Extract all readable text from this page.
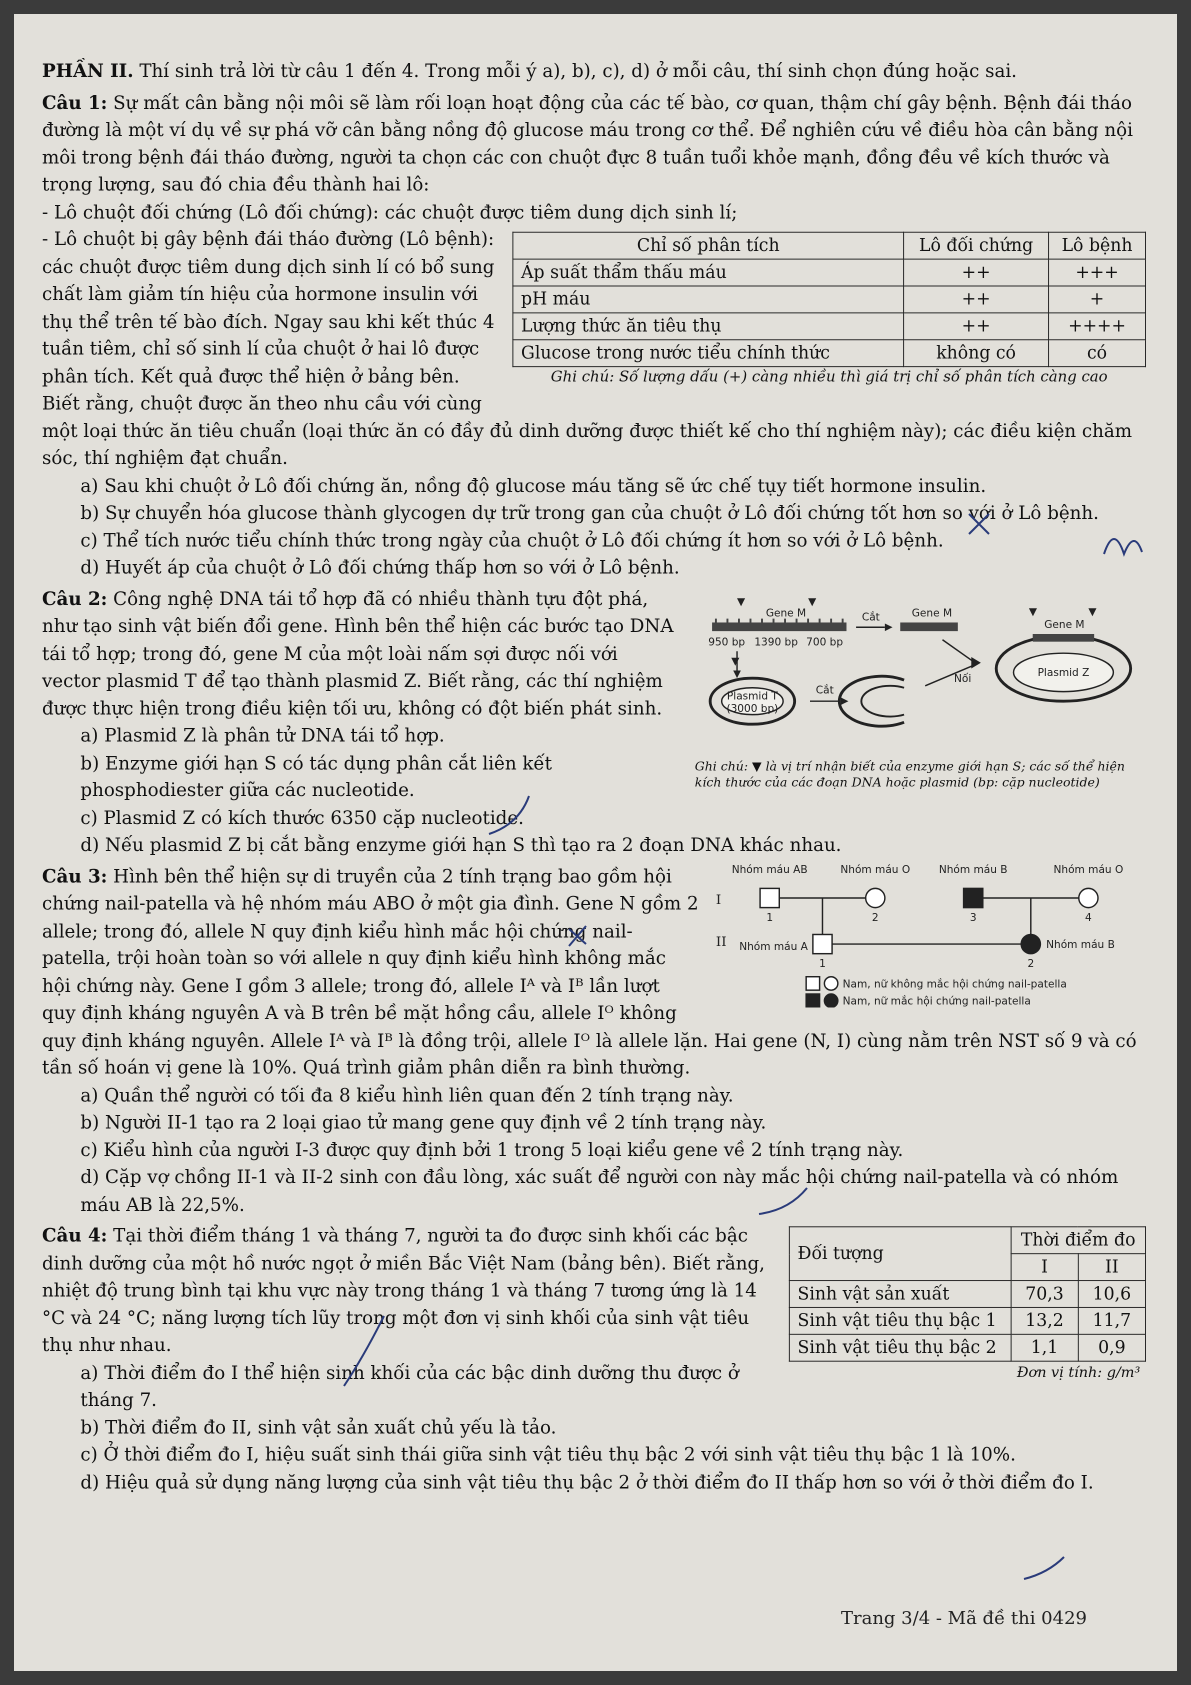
PHẦN II. Thí sinh trả lời từ câu 1 đến 4. Trong mỗi ý a), b), c), d) ở mỗi câu, thí sinh chọn đúng hoặc sai.

Câu 1: Sự mất cân bằng nội môi sẽ làm rối loạn hoạt động của các tế bào, cơ quan, thậm chí gây bệnh. Bệnh đái tháo đường là một ví dụ về sự phá vỡ cân bằng nồng độ glucose máu trong cơ thể. Để nghiên cứu về điều hòa cân bằng nội môi trong bệnh đái tháo đường, người ta chọn các con chuột đực 8 tuần tuổi khỏe mạnh, đồng đều về kích thước và trọng lượng, sau đó chia đều thành hai lô:

- Lô chuột đối chứng (Lô đối chứng): các chuột được tiêm dung dịch sinh lí;

Chỉ số phân tích	Lô đối chứng	Lô bệnh
Áp suất thẩm thấu máu	++	+++
pH máu	++	+
Lượng thức ăn tiêu thụ	++	++++
Glucose trong nước tiểu chính thức	không có	có
Ghi chú: Số lượng dấu (+) càng nhiều thì giá trị chỉ số phân tích càng cao

- Lô chuột bị gây bệnh đái tháo đường (Lô bệnh): các chuột được tiêm dung dịch sinh lí có bổ sung chất làm giảm tín hiệu của hormone insulin với thụ thể trên tế bào đích. Ngay sau khi kết thúc 4 tuần tiêm, chỉ số sinh lí của chuột ở hai lô được phân tích. Kết quả được thể hiện ở bảng bên. Biết rằng, chuột được ăn theo nhu cầu với cùng một loại thức ăn tiêu chuẩn (loại thức ăn có đầy đủ dinh dưỡng được thiết kế cho thí nghiệm này); các điều kiện chăm sóc, thí nghiệm đạt chuẩn.

a) Sau khi chuột ở Lô đối chứng ăn, nồng độ glucose máu tăng sẽ ức chế tụy tiết hormone insulin.

b) Sự chuyển hóa glucose thành glycogen dự trữ trong gan của chuột ở Lô đối chứng tốt hơn so với ở Lô bệnh.

c) Thể tích nước tiểu chính thức trong ngày của chuột ở Lô đối chứng ít hơn so với ở Lô bệnh.

d) Huyết áp của chuột ở Lô đối chứng thấp hơn so với ở Lô bệnh.

▼	▼
Gene M
950 bp 1390 bp 700 bp
Cắt	Gene M
▼
Plasmid T
(3000 bp)
Cắt
Nối
▼	▼
Gene M
Plasmid Z
Ghi chú: ▼ là vị trí nhận biết của enzyme giới hạn S; các số thể hiện kích thước của các đoạn DNA hoặc plasmid (bp: cặp nucleotide)

Câu 2: Công nghệ DNA tái tổ hợp đã có nhiều thành tựu đột phá, như tạo sinh vật biến đổi gene. Hình bên thể hiện các bước tạo DNA tái tổ hợp; trong đó, gene M của một loài nấm sợi được nối với vector plasmid T để tạo thành plasmid Z. Biết rằng, các thí nghiệm được thực hiện trong điều kiện tối ưu, không có đột biến phát sinh.

a) Plasmid Z là phân tử DNA tái tổ hợp.

b) Enzyme giới hạn S có tác dụng phân cắt liên kết phosphodiester giữa các nucleotide.

c) Plasmid Z có kích thước 6350 cặp nucleotide.

d) Nếu plasmid Z bị cắt bằng enzyme giới hạn S thì tạo ra 2 đoạn DNA khác nhau.

I
II
Nhóm máu AB	Nhóm máu O	Nhóm máu B	Nhóm máu O
1	2	3	4
Nhóm máu A	Nhóm máu B
1	2
Nam, nữ không mắc hội chứng nail-patella
Nam, nữ mắc hội chứng nail-patella

Câu 3: Hình bên thể hiện sự di truyền của 2 tính trạng bao gồm hội chứng nail-patella và hệ nhóm máu ABO ở một gia đình. Gene N gồm 2 allele; trong đó, allele N quy định kiểu hình mắc hội chứng nail-patella, trội hoàn toàn so với allele n quy định kiểu hình không mắc hội chứng này. Gene I gồm 3 allele; trong đó, allele Iᴬ và Iᴮ lần lượt quy định kháng nguyên A và B trên bề mặt hồng cầu, allele Iᴼ không quy định kháng nguyên. Allele Iᴬ và Iᴮ là đồng trội, allele Iᴼ là allele lặn. Hai gene (N, I) cùng nằm trên NST số 9 và có tần số hoán vị gene là 10%. Quá trình giảm phân diễn ra bình thường.

a) Quần thể người có tối đa 8 kiểu hình liên quan đến 2 tính trạng này.

b) Người II-1 tạo ra 2 loại giao tử mang gene quy định về 2 tính trạng này.

c) Kiểu hình của người I-3 được quy định bởi 1 trong 5 loại kiểu gene về 2 tính trạng này.

d) Cặp vợ chồng II-1 và II-2 sinh con đầu lòng, xác suất để người con này mắc hội chứng nail-patella và có nhóm máu AB là 22,5%.

Đối tượng	Thời điểm đo	
	I	II
Sinh vật sản xuất	70,3	10,6
Sinh vật tiêu thụ bậc 1	13,2	11,7
Sinh vật tiêu thụ bậc 2	1,1	0,9
Đơn vị tính: g/m³

Câu 4: Tại thời điểm tháng 1 và tháng 7, người ta đo được sinh khối các bậc dinh dưỡng của một hồ nước ngọt ở miền Bắc Việt Nam (bảng bên). Biết rằng, nhiệt độ trung bình tại khu vực này trong tháng 1 và tháng 7 tương ứng là 14 °C và 24 °C; năng lượng tích lũy trong một đơn vị sinh khối của sinh vật tiêu thụ như nhau.

a) Thời điểm đo I thể hiện sinh khối của các bậc dinh dưỡng thu được ở tháng 7.

b) Thời điểm đo II, sinh vật sản xuất chủ yếu là tảo.

c) Ở thời điểm đo I, hiệu suất sinh thái giữa sinh vật tiêu thụ bậc 2 với sinh vật tiêu thụ bậc 1 là 10%.

d) Hiệu quả sử dụng năng lượng của sinh vật tiêu thụ bậc 2 ở thời điểm đo II thấp hơn so với ở thời điểm đo I.

Trang 3/4 - Mã đề thi 0429
